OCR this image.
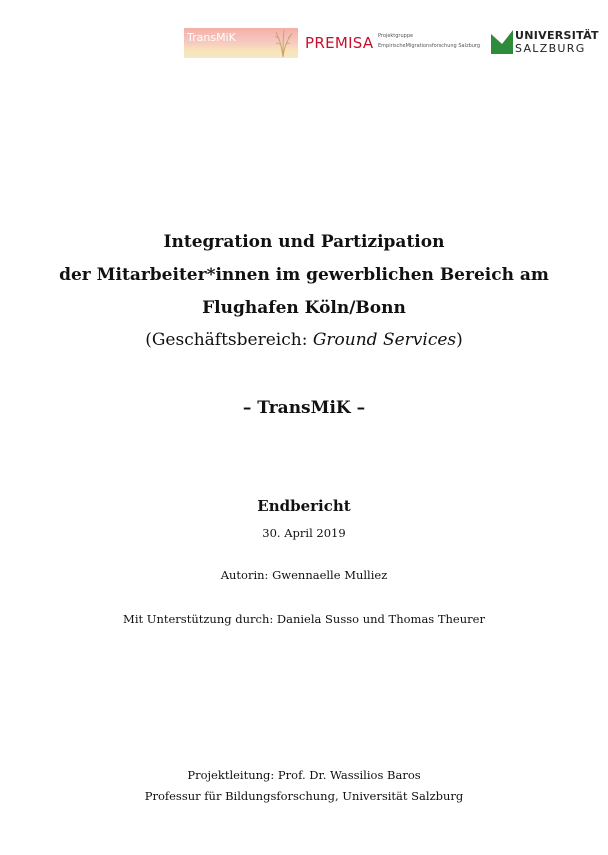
TransMiK	PREMISA Projektgruppe
EmpirischeMigrationsforschung Salzburg
UNIVERSITÄT
SALZBURG
Integration und Partizipation
der Mitarbeiter*innen im gewerblichen Bereich am
Flughafen Köln/Bonn
(Geschäftsbereich: Ground Services)
– TransMiK –
Endbericht
30. April 2019
Autorin: Gwennaelle Mulliez
Mit Unterstützung durch: Daniela Susso und Thomas Theurer
Projektleitung: Prof. Dr. Wassilios Baros
Professur für Bildungsforschung, Universität Salzburg
